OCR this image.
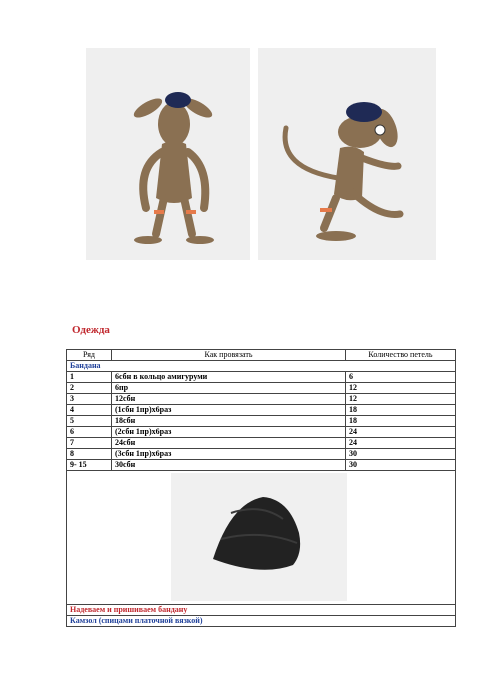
Одежда
Ряд	Как провязать	Количество петель
Бандана		
1	6сбн в кольцо амигуруми	6
2	6пр	12
3	12сбн	12
4	(1сбн 1пр)х6раз	18
5	18сбн	18
6	(2сбн 1пр)х6раз	24
7	24сбн	24
8	(3сбн 1пр)х6раз	30
9- 15	30сбн	30

Надеваем и пришиваем бандану		
Камзол (спицами платочной вязкой)		
